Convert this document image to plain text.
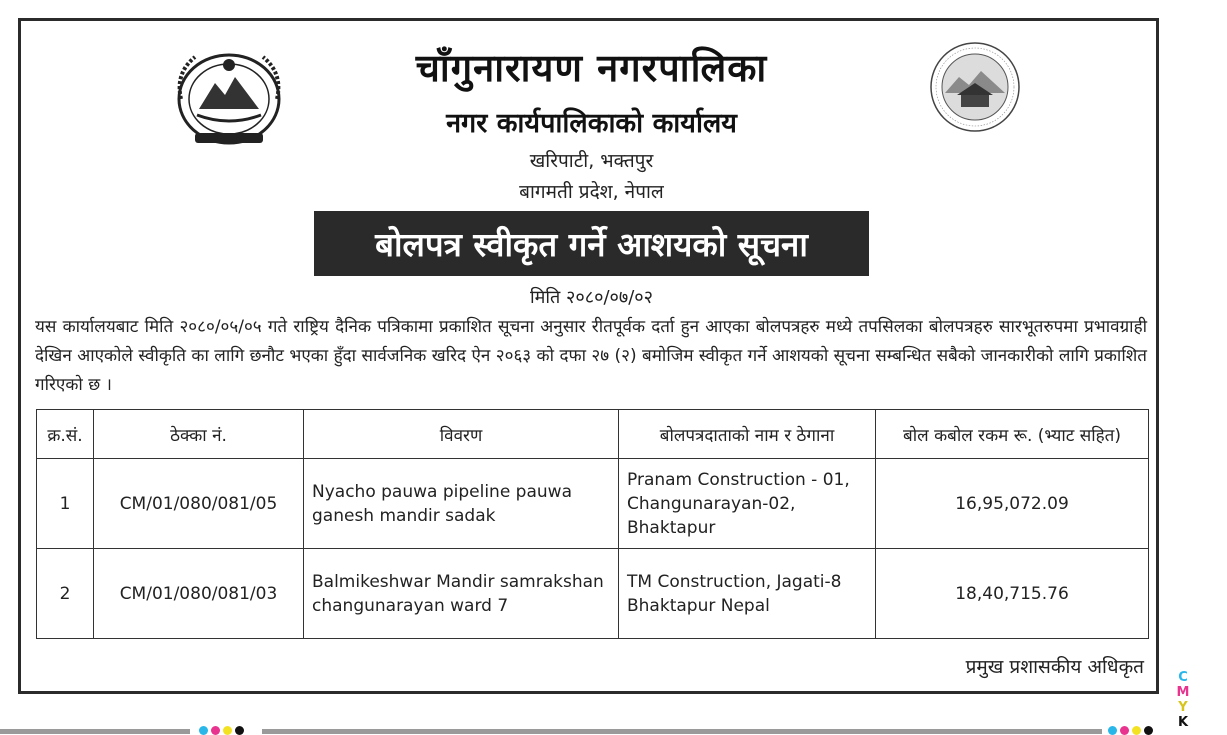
चाँगुनारायण नगरपालिका
नगर कार्यपालिकाको कार्यालय
खरिपाटी, भक्तपुर
बागमती प्रदेश, नेपाल
बोलपत्र स्वीकृत गर्ने आशयको सूचना
मिति २०८०/०७/०२
यस कार्यालयबाट मिति २०८०/०५/०५ गते राष्ट्रिय दैनिक पत्रिकामा प्रकाशित सूचना अनुसार रीतपूर्वक दर्ता हुन आएका बोलपत्रहरु मध्ये तपसिलका बोलपत्रहरु सारभूतरुपमा प्रभावग्राही देखिन आएकोले स्वीकृति का लागि छनौट भएका हुँदा सार्वजनिक खरिद ऐन २०६३ को दफा २७ (२) बमोजिम स्वीकृत गर्ने आशयको सूचना सम्बन्धित सबैको जानकारीको लागि प्रकाशित गरिएको छ ।
क्र.सं.	ठेक्का नं.	विवरण	बोलपत्रदाताको नाम र ठेगाना	बोल कबोल रकम रू. (भ्याट सहित)
1	CM/01/080/081/05	Nyacho pauwa pipeline pauwa ganesh mandir sadak	Pranam Construction - 01, Changunarayan-02, Bhaktapur	16,95,072.09
2	CM/01/080/081/03	Balmikeshwar Mandir samrakshan changunarayan ward 7	TM Construction, Jagati-8 Bhaktapur Nepal	18,40,715.76
प्रमुख प्रशासकीय अधिकृत	C
M
Y
K
